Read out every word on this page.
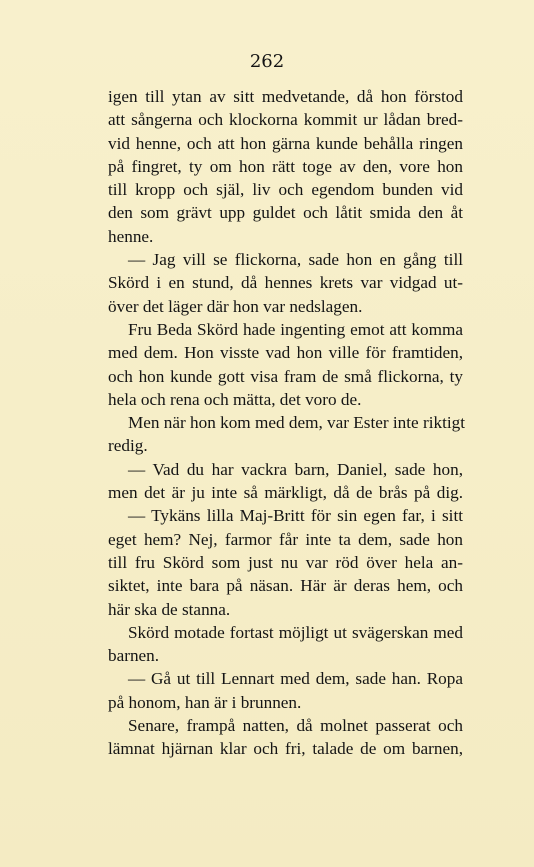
262
igen till ytan av sitt medvetande, då hon förstod
att sångerna och klockorna kommit ur lådan bred-
vid henne, och att hon gärna kunde behålla ringen
på fingret, ty om hon rätt toge av den, vore hon
till kropp och själ, liv och egendom bunden vid
den som grävt upp guldet och låtit smida den åt
henne.
— Jag vill se flickorna, sade hon en gång till
Skörd i en stund, då hennes krets var vidgad ut-
över det läger där hon var nedslagen.
Fru Beda Skörd hade ingenting emot att komma
med dem. Hon visste vad hon ville för framtiden,
och hon kunde gott visa fram de små flickorna, ty
hela och rena och mätta, det voro de.
Men när hon kom med dem, var Ester inte riktigt
redig.
— Vad du har vackra barn, Daniel, sade hon,
men det är ju inte så märkligt, då de brås på dig.
— Tykäns lilla Maj-Britt för sin egen far, i sitt
eget hem? Nej, farmor får inte ta dem, sade hon
till fru Skörd som just nu var röd över hela an-
siktet, inte bara på näsan. Här är deras hem, och
här ska de stanna.
Skörd motade fortast möjligt ut svägerskan med
barnen.
— Gå ut till Lennart med dem, sade han. Ropa
på honom, han är i brunnen.
Senare, frampå natten, då molnet passerat och
lämnat hjärnan klar och fri, talade de om barnen,
